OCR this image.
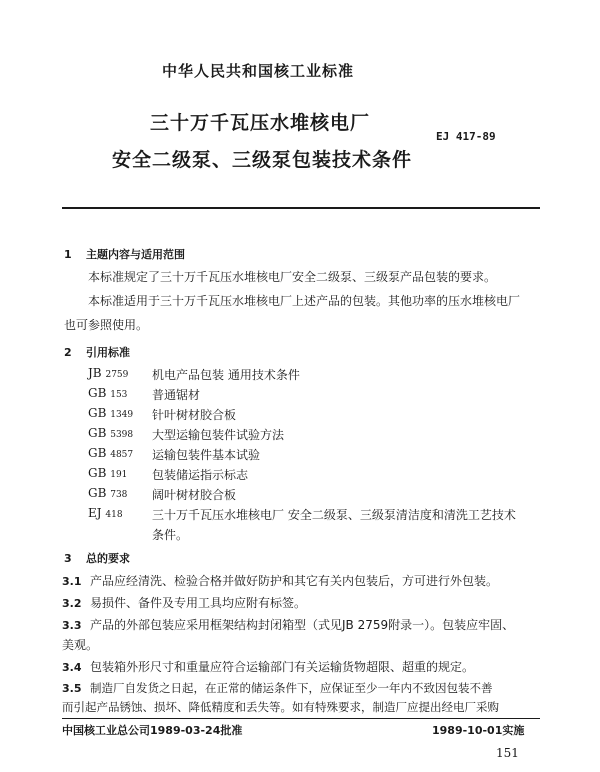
中华人民共和国核工业标准
三十万千瓦压水堆核电厂
安全二级泵、三级泵包装技术条件
EJ 417-89
1 主题内容与适用范围
本标准规定了三十万千瓦压水堆核电厂安全二级泵、三级泵产品包装的要求。
本标准适用于三十万千瓦压水堆核电厂上述产品的包装。其他功率的压水堆核电厂
也可参照使用。
2 引用标准
JB 2759 机电产品包装 通用技术条件
GB 153 普通锯材
GB 1349 针叶树材胶合板
GB 5398 大型运输包装件试验方法
GB 4857 运输包装件基本试验
GB 191 包装储运指示标志
GB 738 阔叶树材胶合板
EJ 418 三十万千瓦压水堆核电厂 安全二级泵、三级泵清洁度和清洗工艺技术
条件。
3 总的要求
3.1 产品应经清洗、检验合格并做好防护和其它有关内包装后，方可进行外包装。
3.2 易损件、备件及专用工具均应附有标签。
3.3 产品的外部包装应采用框架结构封闭箱型（式见JB 2759附录一）。包装应牢固、
美观。
3.4 包装箱外形尺寸和重量应符合运输部门有关运输货物超限、超重的规定。
3.5 制造厂自发货之日起，在正常的储运条件下，应保证至少一年内不致因包装不善
而引起产品锈蚀、损坏、降低精度和丢失等。如有特殊要求，制造厂应提出经电厂采购
中国核工业总公司1989-03-24批准	1989-10-01实施
151
